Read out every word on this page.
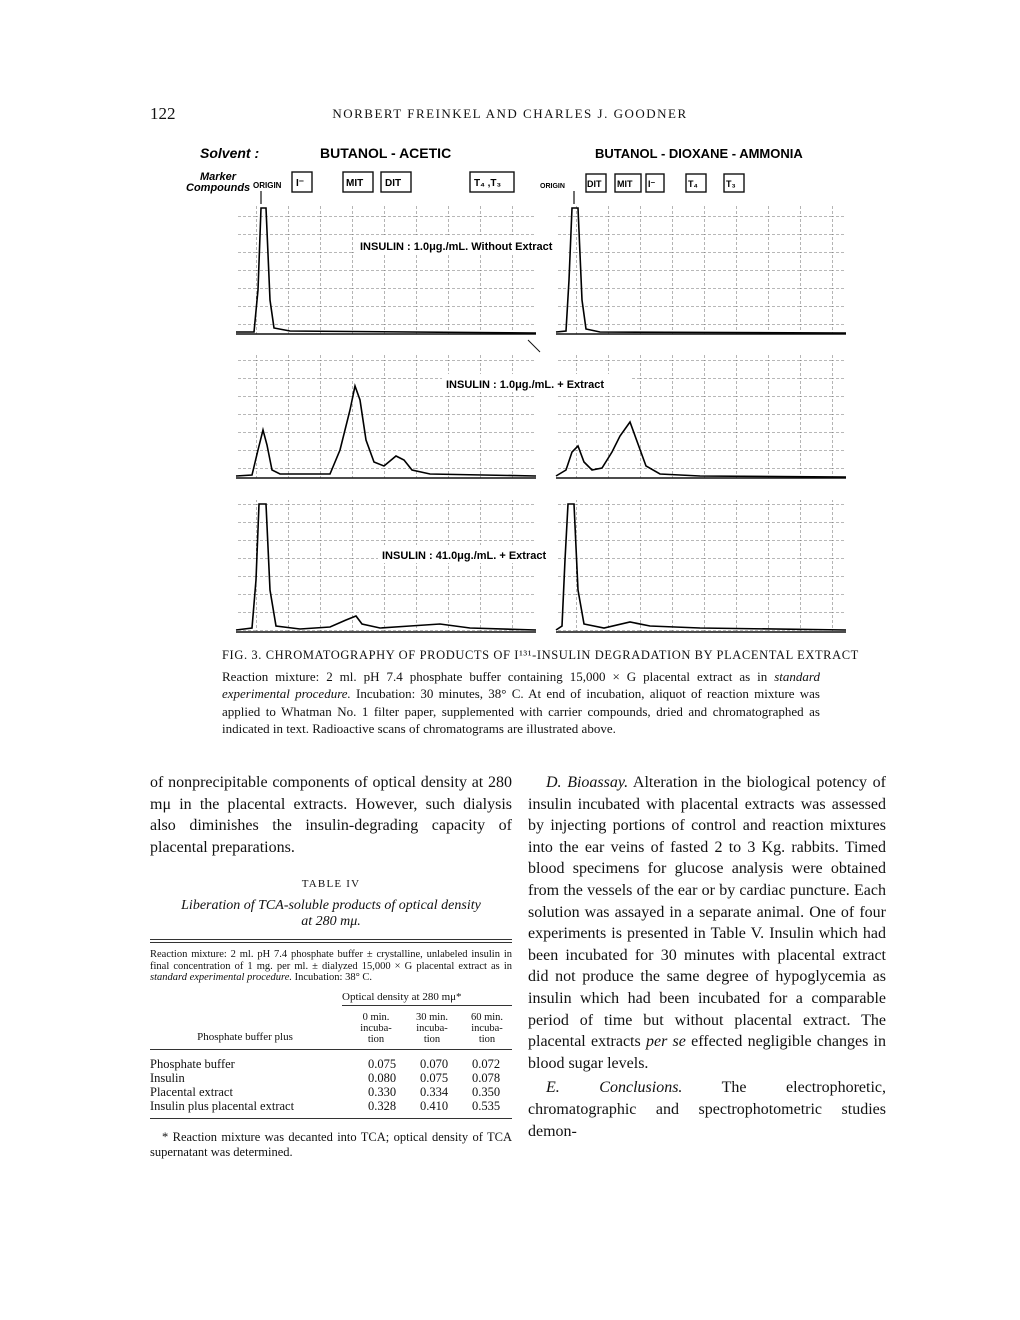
122	NORBERT FREINKEL AND CHARLES J. GOODNER
Solvent :	BUTANOL - ACETIC	BUTANOL - DIOXANE - AMMONIA
Marker
Compounds ORIGIN	ORIGIN
I⁻	MIT DIT	T₄ ,T₃	DIT MIT I⁻	T₄	T₃
INSULIN : 1.0μg./mL. Without Extract
INSULIN : 1.0μg./mL. + Extract
INSULIN : 41.0μg./mL. + Extract
FIG. 3. CHROMATOGRAPHY OF PRODUCTS OF I¹³¹-INSULIN DEGRADATION BY PLACENTAL EXTRACT
Reaction mixture: 2 ml. pH 7.4 phosphate buffer containing 15,000 × G placental extract as in standard experimental procedure. Incubation: 30 minutes, 38° C. At end of incubation, aliquot of reaction mixture was applied to Whatman No. 1 filter paper, supplemented with carrier compounds, dried and chromatographed as indicated in text. Radioactive scans of chromatograms are illustrated above.

of nonprecipitable components of optical density at 280 mμ in the placental extracts. However, such dialysis also diminishes the insulin-degrading capacity of placental preparations.

TABLE IV
Liberation of TCA-soluble products of optical density at 280 mμ.
Reaction mixture: 2 ml. pH 7.4 phosphate buffer ± crystalline, unlabeled insulin in final concentration of 1 mg. per ml. ± dialyzed 15,000 × G placental extract as in standard experimental procedure. Incubation: 38° C.
Optical density at 280 mμ*
0 min. incuba- tion
30 min. incuba- tion
60 min. incuba- tion
Phosphate buffer plus
Phosphate buffer	0.075 0.070 0.072
Insulin	0.080 0.075 0.078
Placental extract	0.330 0.334 0.350
Insulin plus placental extract	0.328 0.410 0.535
* Reaction mixture was decanted into TCA; optical density of TCA supernatant was determined.

D. Bioassay. Alteration in the biological potency of insulin incubated with placental extracts was assessed by injecting portions of control and reaction mixtures into the ear veins of fasted 2 to 3 Kg. rabbits. Timed blood specimens for glucose analysis were obtained from the vessels of the ear or by cardiac puncture. Each solution was assayed in a separate animal. One of four experiments is presented in Table V. Insulin which had been incubated for 30 minutes with placental extract did not produce the same degree of hypoglycemia as insulin which had been incubated for a comparable period of time but without placental extract. The placental extracts per se effected negligible changes in blood sugar levels.

E. Conclusions. The electrophoretic, chromatographic and spectrophotometric studies demon-
